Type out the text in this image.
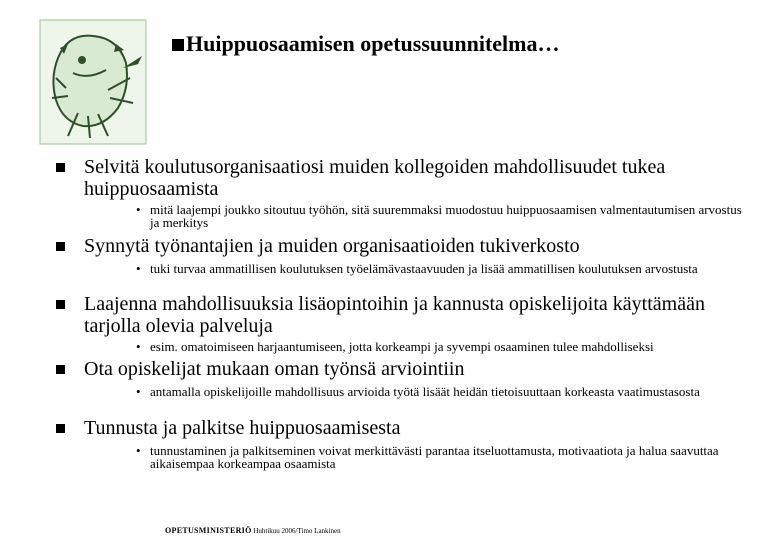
Huippuosaamisen opetussuunnitelma…
Selvitä koulutusorganisaatiosi muiden kollegoiden mahdollisuudet tukea huippuosaamista
• mitä laajempi joukko sitoutuu työhön, sitä suuremmaksi muodostuu huippuosaamisen valmentautumisen arvostus ja merkitys
Synnytä työnantajien ja muiden organisaatioiden tukiverkosto
• tuki turvaa ammatillisen koulutuksen työelämävastaavuuden ja lisää ammatillisen koulutuksen arvostusta
Laajenna mahdollisuuksia lisäopintoihin ja kannusta opiskelijoita käyttämään tarjolla olevia palveluja
• esim. omatoimiseen harjaantumiseen, jotta korkeampi ja syvempi osaaminen tulee mahdolliseksi
Ota opiskelijat mukaan oman työnsä arviointiin
• antamalla opiskelijoille mahdollisuus arvioida työtä lisäät heidän tietoisuuttaan korkeasta vaatimustasosta
Tunnusta ja palkitse huippuosaamisesta
• tunnustaminen ja palkitseminen voivat merkittävästi parantaa itseluottamusta, motivaatiota ja halua saavuttaa aikaisempaa korkeampaa osaamista
OPETUSMINISTERIÖ Huhtikuu 2006/Timo Lankinen
